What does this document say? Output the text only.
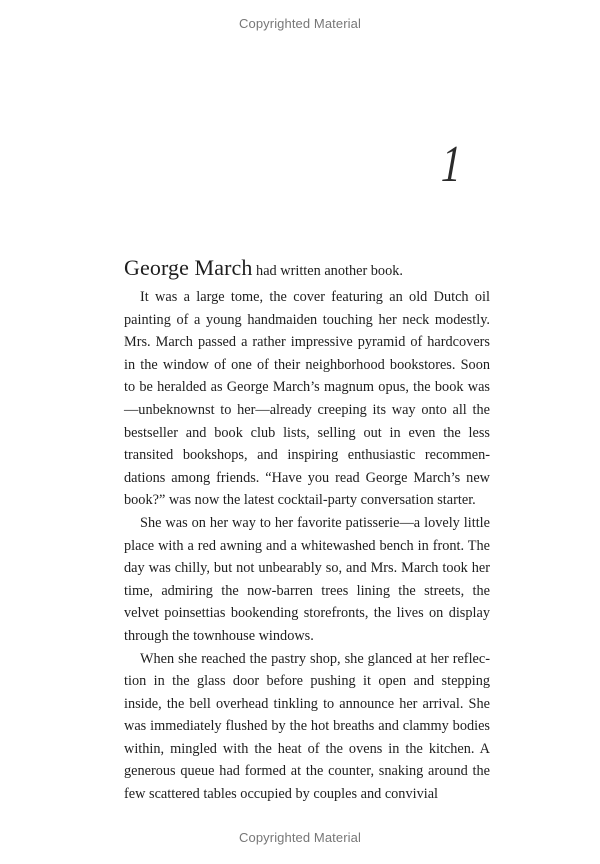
Copyrighted Material
1

George March had written another book.

It was a large tome, the cover featuring an old Dutch oil painting of a young handmaiden touching her neck modestly. Mrs. March passed a rather impressive pyramid of hardcovers in the window of one of their neighborhood bookstores. Soon to be heralded as George March’s magnum opus, the book was—unbeknownst to her—already creeping its way onto all the bestseller and book club lists, selling out in even the less transited bookshops, and inspiring enthusiastic recommendations among friends. “Have you read George March’s new book?” was now the latest cocktail-party conversation starter.

She was on her way to her favorite patisserie—a lovely little place with a red awning and a whitewashed bench in front. The day was chilly, but not unbearably so, and Mrs. March took her time, admiring the now-barren trees lining the streets, the velvet poinsettias bookending storefronts, the lives on display through the townhouse windows.

When she reached the pastry shop, she glanced at her reflection in the glass door before pushing it open and stepping inside, the bell overhead tinkling to announce her arrival. She was immediately flushed by the hot breaths and clammy bodies within, mingled with the heat of the ovens in the kitchen. A generous queue had formed at the counter, snaking around the few scattered tables occupied by couples and convivial

Copyrighted Material
